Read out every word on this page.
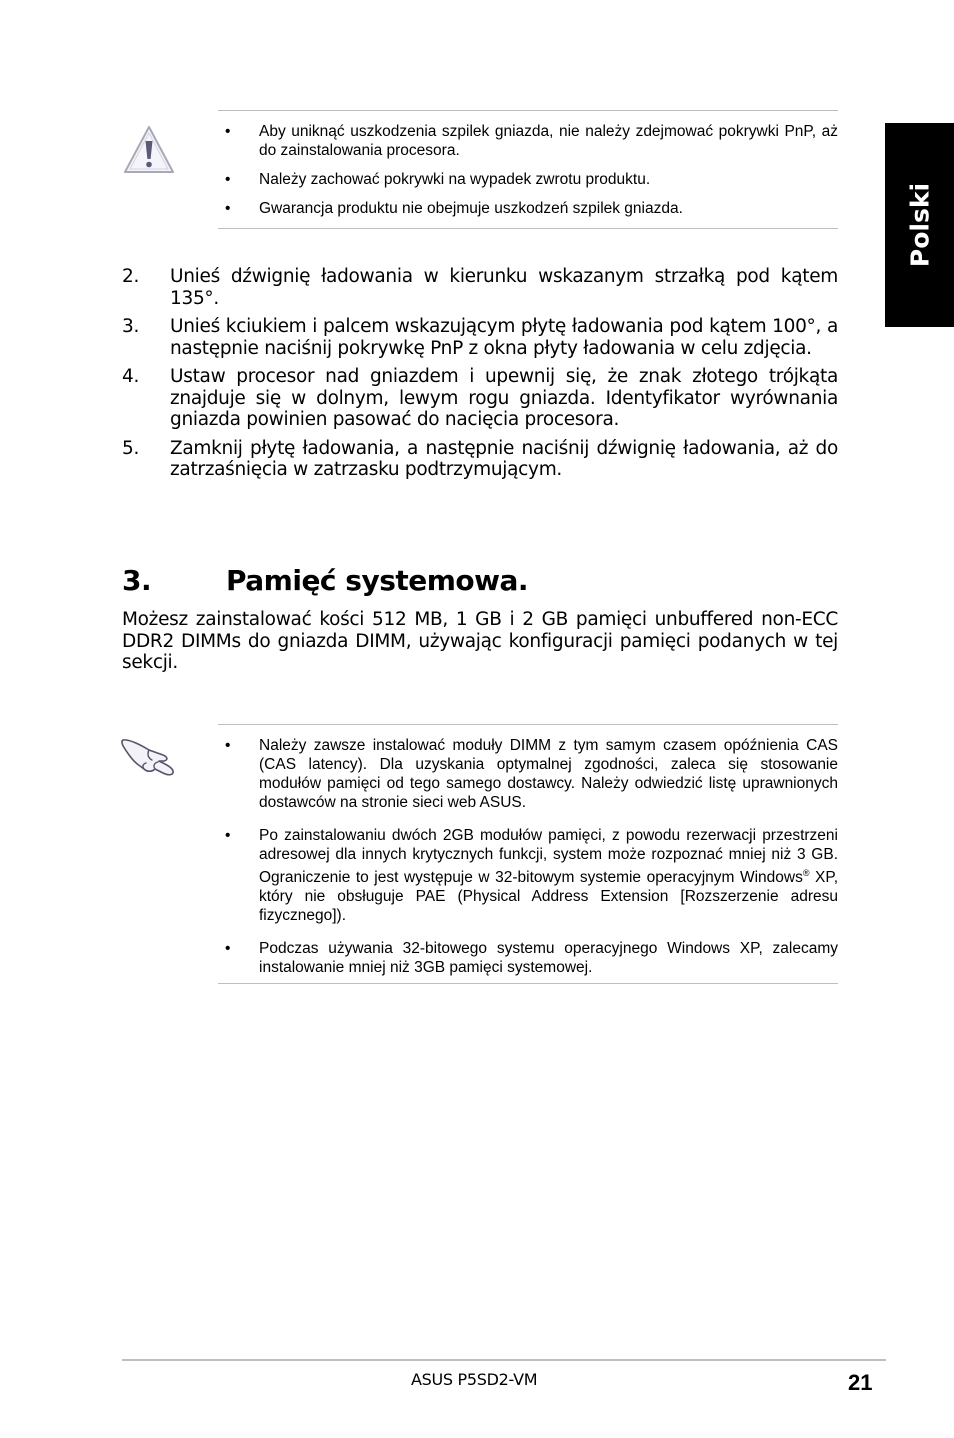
Polski
• Aby uniknąć uszkodzenia szpilek gniazda, nie należy zdejmować pokrywki PnP, aż do zainstalowania procesora.
• Należy zachować pokrywki na wypadek zwrotu produktu.
• Gwarancja produktu nie obejmuje uszkodzeń szpilek gniazda.
2. Unieś dźwignię ładowania w kierunku wskazanym strzałką pod kątem 135°.
3. Unieś kciukiem i palcem wskazującym płytę ładowania pod kątem 100°, a następnie naciśnij pokrywkę PnP z okna płyty ładowania w celu zdjęcia.
4. Ustaw procesor nad gniazdem i upewnij się, że znak złotego trójkąta znajduje się w dolnym, lewym rogu gniazda. Identyfikator wyrównania gniazda powinien pasować do nacięcia procesora.
5. Zamknij płytę ładowania, a następnie naciśnij dźwignię ładowania, aż do zatrzaśnięcia w zatrzasku podtrzymującym.
3.	Pamięć systemowa.

Możesz zainstalować kości 512 MB, 1 GB i 2 GB pamięci unbuffered non-ECC DDR2 DIMMs do gniazda DIMM, używając konfiguracji pamięci podanych w tej sekcji.

• Należy zawsze instalować moduły DIMM z tym samym czasem opóźnienia CAS (CAS latency). Dla uzyskania optymalnej zgodności, zaleca się stosowanie modułów pamięci od tego samego dostawcy. Należy odwiedzić listę uprawnionych dostawców na stronie sieci web ASUS.
• Po zainstalowaniu dwóch 2GB modułów pamięci, z powodu rezerwacji przestrzeni adresowej dla innych krytycznych funkcji, system może rozpoznać mniej niż 3 GB. Ograniczenie to jest występuje w 32-bitowym systemie operacyjnym Windows® XP, który nie obsługuje PAE (Physical Address Extension [Rozszerzenie adresu fizycznego]).
• Podczas używania 32-bitowego systemu operacyjnego Windows XP, zalecamy instalowanie mniej niż 3GB pamięci systemowej.
ASUS P5SD2-VM	21
